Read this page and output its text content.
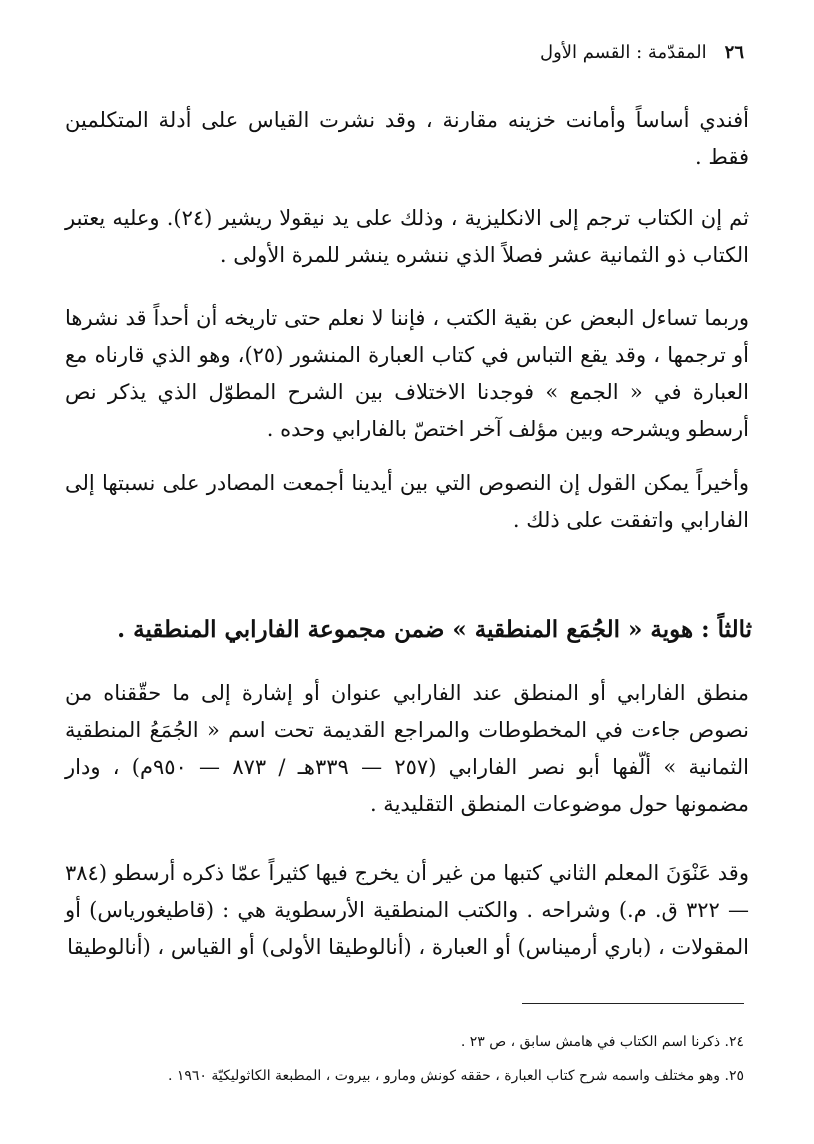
٢٦
المقدّمة : القسم الأول

أفندي أساساً وأمانت خزينه مقارنة ، وقد نشرت القياس على أدلة المتكلمين فقط .

ثم إن الكتاب ترجم إلى الانكليزية ، وذلك على يد نيقولا ريشير (٢٤). وعليه يعتبر الكتاب ذو الثمانية عشر فصلاً الذي ننشره ينشر للمرة الأولى .

وربما تساءل البعض عن بقية الكتب ، فإننا لا نعلم حتى تاريخه أن أحداً قد نشرها أو ترجمها ، وقد يقع التباس في كتاب العبارة المنشور (٢٥)، وهو الذي قارناه مع العبارة في « الجمع » فوجدنا الاختلاف بين الشرح المطوّل الذي يذكر نص أرسطو ويشرحه وبين مؤلف آخر اختصّ بالفارابي وحده .

وأخيراً يمكن القول إن النصوص التي بين أيدينا أجمعت المصادر على نسبتها إلى الفارابي واتفقت على ذلك .

ثالثاً : هوية « الجُمَع المنطقية » ضمن مجموعة الفارابي المنطقية .

منطق الفارابي أو المنطق عند الفارابي عنوان أو إشارة إلى ما حقّقناه من نصوص جاءت في المخطوطات والمراجع القديمة تحت اسم « الجُمَعُ المنطقية الثمانية » ألّفها أبو نصر الفارابي (٢٥٧ — ٣٣٩هـ / ٨٧٣ — ٩٥٠م) ، ودار مضمونها حول موضوعات المنطق التقليدية .

وقد عَنْوَنَ المعلم الثاني كتبها من غير أن يخرج فيها كثيراً عمّا ذكره أرسطو (٣٨٤ — ٣٢٢ ق. م.) وشراحه . والكتب المنطقية الأرسطوية هي : (قاطيغورياس) أو المقولات ، (باري أرميناس) أو العبارة ، (أنالوطيقا الأولى) أو القياس ، (أنالوطيقا

٢٤. ذكرنا اسم الكتاب في هامش سابق ، ص ٢٣ .

٢٥. وهو مختلف واسمه شرح كتاب العبارة ، حققه كونش ومارو ، بيروت ، المطبعة الكاثوليكيّة ١٩٦٠ .
